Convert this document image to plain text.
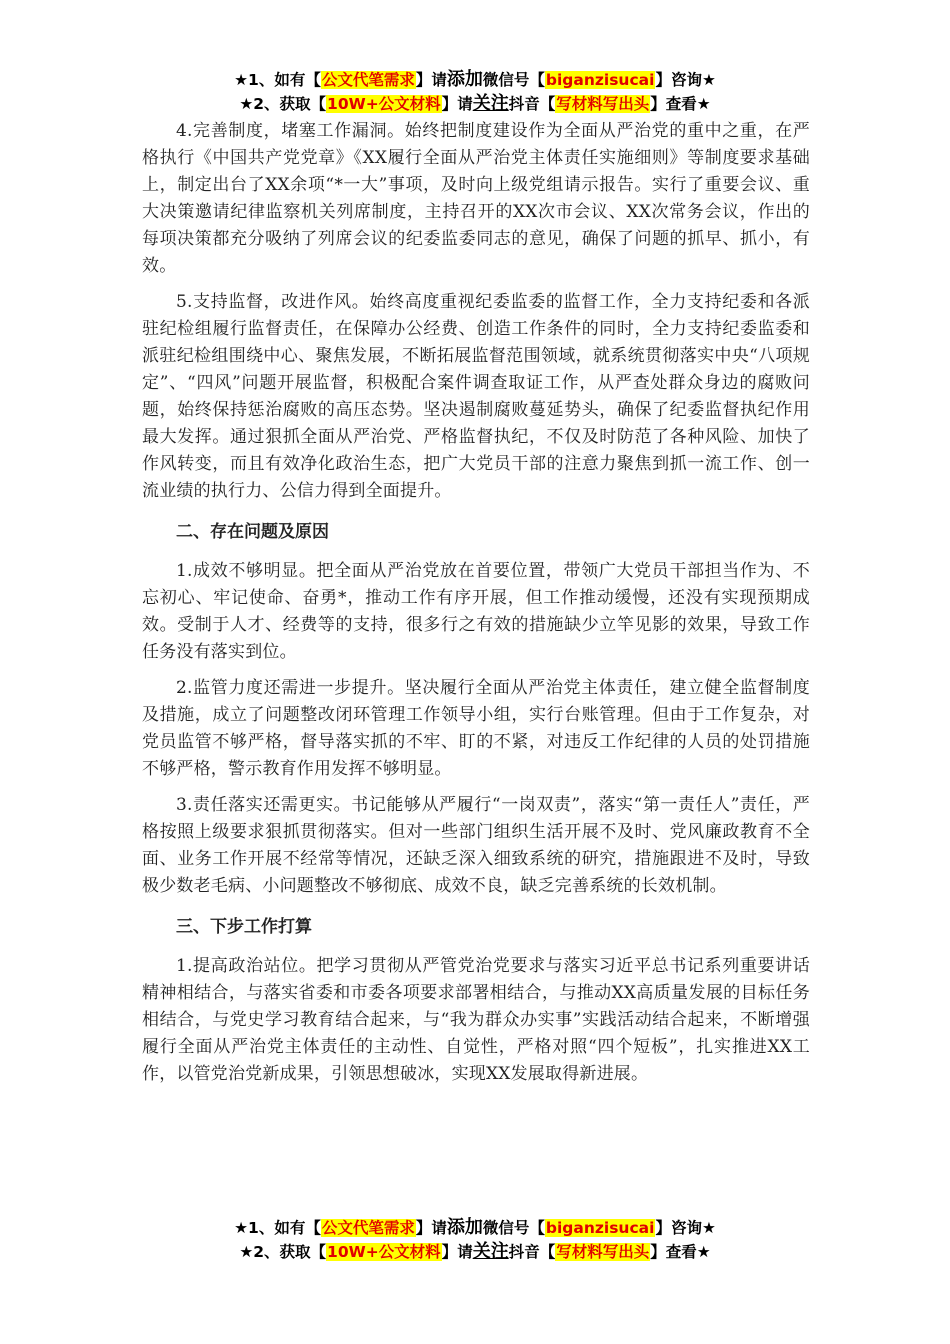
★1、如有【公文代笔需求】请添加微信号【biganzisucai】咨询★
★2、获取【10W+公文材料】请关注抖音【写材料写出头】查看★

4.完善制度，堵塞工作漏洞。始终把制度建设作为全面从严治党的重中之重，在严格执行《中国共产党党章》《XX履行全面从严治党主体责任实施细则》等制度要求基础上，制定出台了XX余项“*一大”事项，及时向上级党组请示报告。实行了重要会议、重大决策邀请纪律监察机关列席制度，主持召开的XX次市会议、XX次常务会议，作出的每项决策都充分吸纳了列席会议的纪委监委同志的意见，确保了问题的抓早、抓小，有效。

5.支持监督，改进作风。始终高度重视纪委监委的监督工作，全力支持纪委和各派驻纪检组履行监督责任，在保障办公经费、创造工作条件的同时，全力支持纪委监委和派驻纪检组围绕中心、聚焦发展，不断拓展监督范围领域，就系统贯彻落实中央“八项规定”、“四风”问题开展监督，积极配合案件调查取证工作，从严查处群众身边的腐败问题，始终保持惩治腐败的高压态势。坚决遏制腐败蔓延势头，确保了纪委监督执纪作用最大发挥。通过狠抓全面从严治党、严格监督执纪，不仅及时防范了各种风险、加快了作风转变，而且有效净化政治生态，把广大党员干部的注意力聚焦到抓一流工作、创一流业绩的执行力、公信力得到全面提升。

二、存在问题及原因

1.成效不够明显。把全面从严治党放在首要位置，带领广大党员干部担当作为、不忘初心、牢记使命、奋勇*，推动工作有序开展，但工作推动缓慢，还没有实现预期成效。受制于人才、经费等的支持，很多行之有效的措施缺少立竿见影的效果，导致工作任务没有落实到位。

2.监管力度还需进一步提升。坚决履行全面从严治党主体责任，建立健全监督制度及措施，成立了问题整改闭环管理工作领导小组，实行台账管理。但由于工作复杂，对党员监管不够严格，督导落实抓的不牢、盯的不紧，对违反工作纪律的人员的处罚措施不够严格，警示教育作用发挥不够明显。

3.责任落实还需更实。书记能够从严履行“一岗双责”，落实“第一责任人”责任，严格按照上级要求狠抓贯彻落实。但对一些部门组织生活开展不及时、党风廉政教育不全面、业务工作开展不经常等情况，还缺乏深入细致系统的研究，措施跟进不及时，导致极少数老毛病、小问题整改不够彻底、成效不良，缺乏完善系统的长效机制。

三、下步工作打算

1.提高政治站位。把学习贯彻从严管党治党要求与落实习近平总书记系列重要讲话精神相结合，与落实省委和市委各项要求部署相结合，与推动XX高质量发展的目标任务相结合，与党史学习教育结合起来，与“我为群众办实事”实践活动结合起来，不断增强履行全面从严治党主体责任的主动性、自觉性，严格对照“四个短板”，扎实推进XX工作，以管党治党新成果，引领思想破冰，实现XX发展取得新进展。

★1、如有【公文代笔需求】请添加微信号【biganzisucai】咨询★
★2、获取【10W+公文材料】请关注抖音【写材料写出头】查看★
